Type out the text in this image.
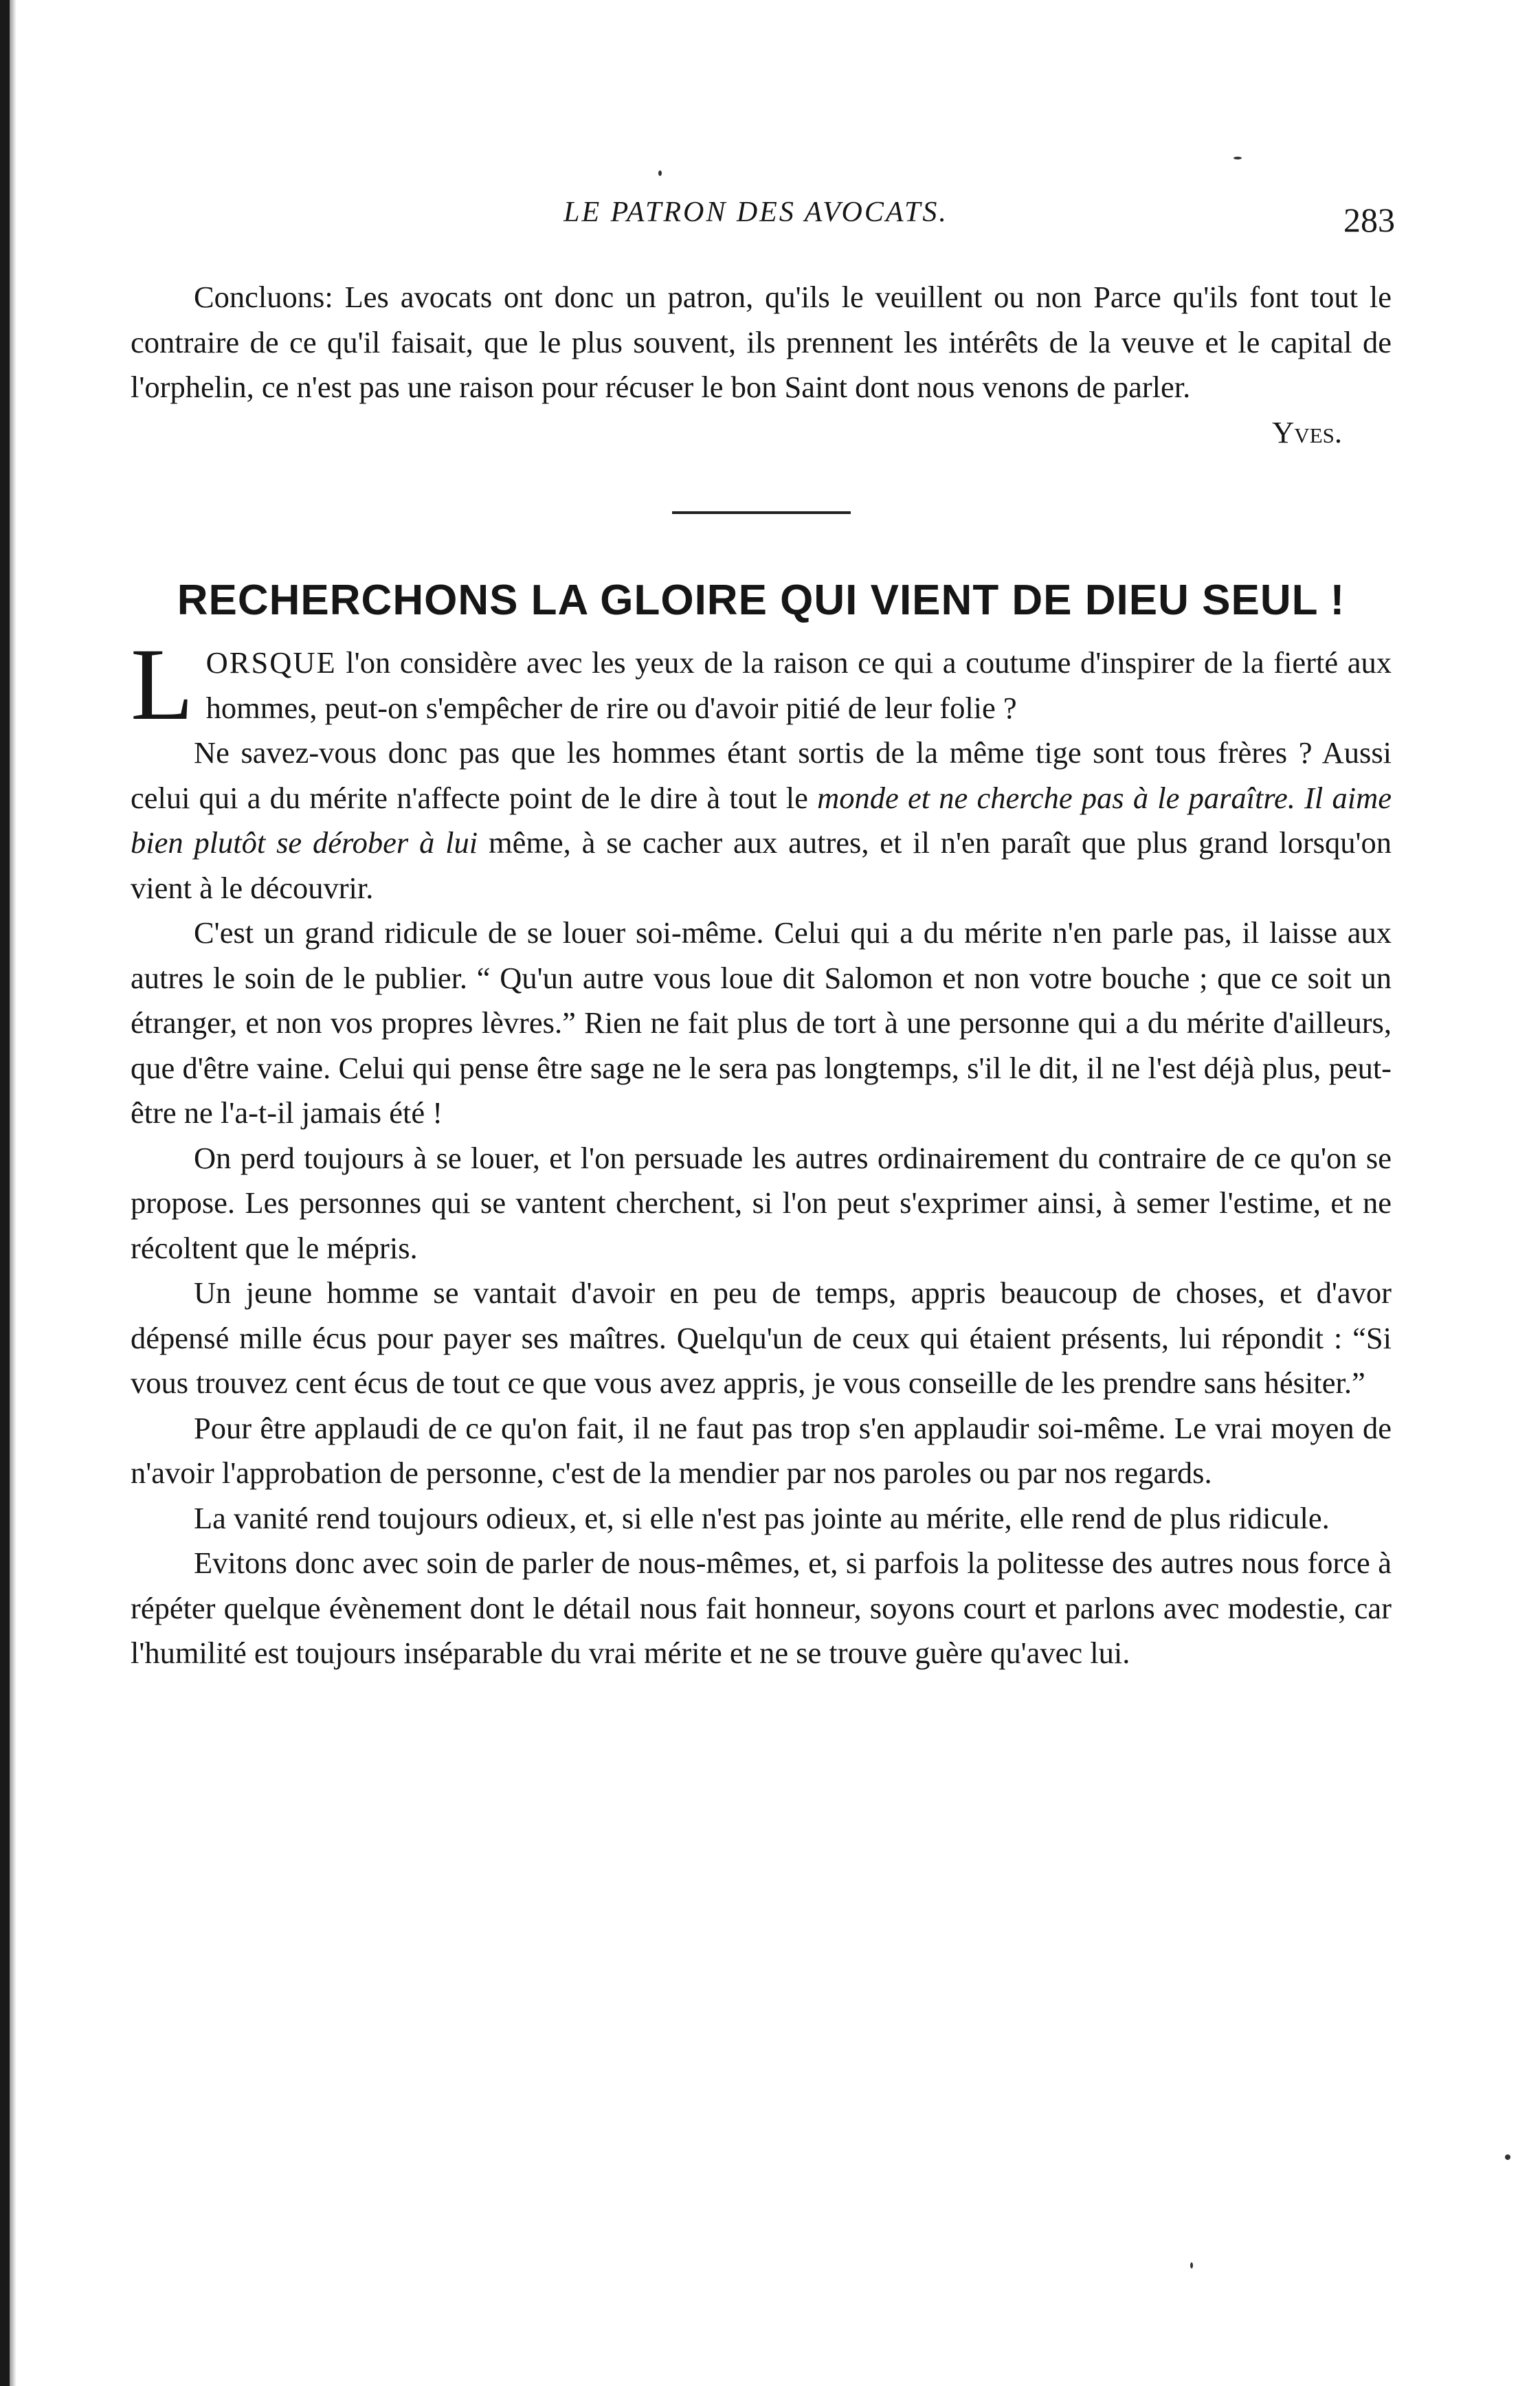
LE PATRON DES AVOCATS.	283

Concluons: Les avocats ont donc un patron, qu'ils le veuillent ou non Parce qu'ils font tout le contraire de ce qu'il faisait, que le plus souvent, ils prennent les intérêts de la veuve et le capital de l'orphelin, ce n'est pas une raison pour récuser le bon Saint dont nous venons de parler.

Yves.
RECHERCHONS LA GLOIRE QUI VIENT DE DIEU SEUL !

LORSQUE l'on considère avec les yeux de la raison ce qui a coutume d'inspirer de la fierté aux hommes, peut-on s'empêcher de rire ou d'avoir pitié de leur folie ?

Ne savez-vous donc pas que les hommes étant sortis de la même tige sont tous frères ? Aussi celui qui a du mérite n'affecte point de le dire à tout le monde et ne cherche pas à le paraître. Il aime bien plutôt se dérober à lui même, à se cacher aux autres, et il n'en paraît que plus grand lorsqu'on vient à le découvrir.

C'est un grand ridicule de se louer soi-même. Celui qui a du mérite n'en parle pas, il laisse aux autres le soin de le publier. “ Qu'un autre vous loue dit Salomon et non votre bouche ; que ce soit un étranger, et non vos propres lèvres.” Rien ne fait plus de tort à une personne qui a du mérite d'ailleurs, que d'être vaine. Celui qui pense être sage ne le sera pas longtemps, s'il le dit, il ne l'est déjà plus, peut-être ne l'a-t-il jamais été !

On perd toujours à se louer, et l'on persuade les autres ordinairement du contraire de ce qu'on se propose. Les personnes qui se vantent cherchent, si l'on peut s'exprimer ainsi, à semer l'estime, et ne récoltent que le mépris.

Un jeune homme se vantait d'avoir en peu de temps, appris beaucoup de choses, et d'avor dépensé mille écus pour payer ses maîtres. Quelqu'un de ceux qui étaient présents, lui répondit : “Si vous trouvez cent écus de tout ce que vous avez appris, je vous conseille de les prendre sans hésiter.”

Pour être applaudi de ce qu'on fait, il ne faut pas trop s'en applaudir soi-même. Le vrai moyen de n'avoir l'approbation de personne, c'est de la mendier par nos paroles ou par nos regards.

La vanité rend toujours odieux, et, si elle n'est pas jointe au mérite, elle rend de plus ridicule.

Evitons donc avec soin de parler de nous-mêmes, et, si parfois la politesse des autres nous force à répéter quelque évènement dont le détail nous fait honneur, soyons court et parlons avec modestie, car l'humilité est toujours inséparable du vrai mérite et ne se trouve guère qu'avec lui.
